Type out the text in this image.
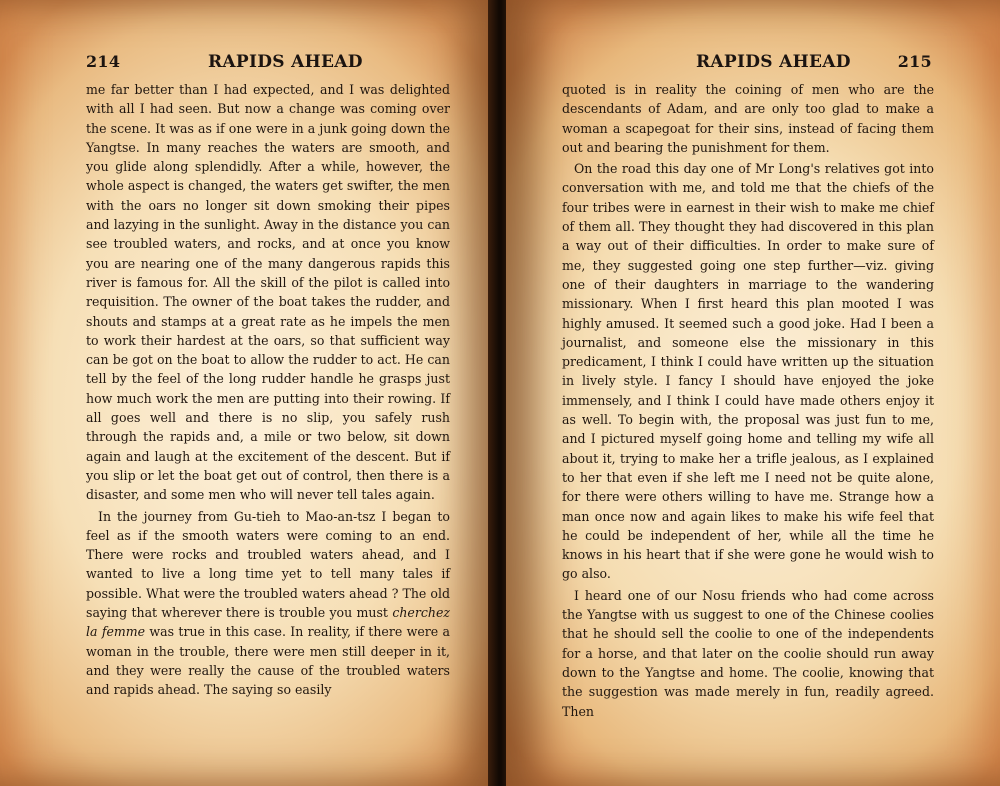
214	RAPIDS AHEAD

me far better than I had expected, and I was delighted with all I had seen. But now a change was coming over the scene. It was as if one were in a junk going down the Yangtse. In many reaches the waters are smooth, and you glide along splendidly. After a while, however, the whole aspect is changed, the waters get swifter, the men with the oars no longer sit down smoking their pipes and lazying in the sunlight. Away in the distance you can see troubled waters, and rocks, and at once you know you are nearing one of the many dangerous rapids this river is famous for. All the skill of the pilot is called into requisition. The owner of the boat takes the rudder, and shouts and stamps at a great rate as he impels the men to work their hardest at the oars, so that sufficient way can be got on the boat to allow the rudder to act. He can tell by the feel of the long rudder handle he grasps just how much work the men are putting into their rowing. If all goes well and there is no slip, you safely rush through the rapids and, a mile or two below, sit down again and laugh at the excitement of the descent. But if you slip or let the boat get out of control, then there is a disaster, and some men who will never tell tales again.

In the journey from Gu-tieh to Mao-an-tsz I began to feel as if the smooth waters were coming to an end. There were rocks and troubled waters ahead, and I wanted to live a long time yet to tell many tales if possible. What were the troubled waters ahead ? The old saying that wherever there is trouble you must cherchez la femme was true in this case. In reality, if there were a woman in the trouble, there were men still deeper in it, and they were really the cause of the troubled waters and rapids ahead. The saying so easily

RAPIDS AHEAD	215

quoted is in reality the coining of men who are the descendants of Adam, and are only too glad to make a woman a scapegoat for their sins, instead of facing them out and bearing the punishment for them.

On the road this day one of Mr Long's relatives got into conversation with me, and told me that the chiefs of the four tribes were in earnest in their wish to make me chief of them all. They thought they had discovered in this plan a way out of their difficulties. In order to make sure of me, they suggested going one step further—viz. giving one of their daughters in marriage to the wandering missionary. When I first heard this plan mooted I was highly amused. It seemed such a good joke. Had I been a journalist, and someone else the missionary in this predicament, I think I could have written up the situation in lively style. I fancy I should have enjoyed the joke immensely, and I think I could have made others enjoy it as well. To begin with, the proposal was just fun to me, and I pictured myself going home and telling my wife all about it, trying to make her a trifle jealous, as I explained to her that even if she left me I need not be quite alone, for there were others willing to have me. Strange how a man once now and again likes to make his wife feel that he could be independent of her, while all the time he knows in his heart that if she were gone he would wish to go also.

I heard one of our Nosu friends who had come across the Yangtse with us suggest to one of the Chinese coolies that he should sell the coolie to one of the independents for a horse, and that later on the coolie should run away down to the Yangtse and home. The coolie, knowing that the suggestion was made merely in fun, readily agreed. Then
